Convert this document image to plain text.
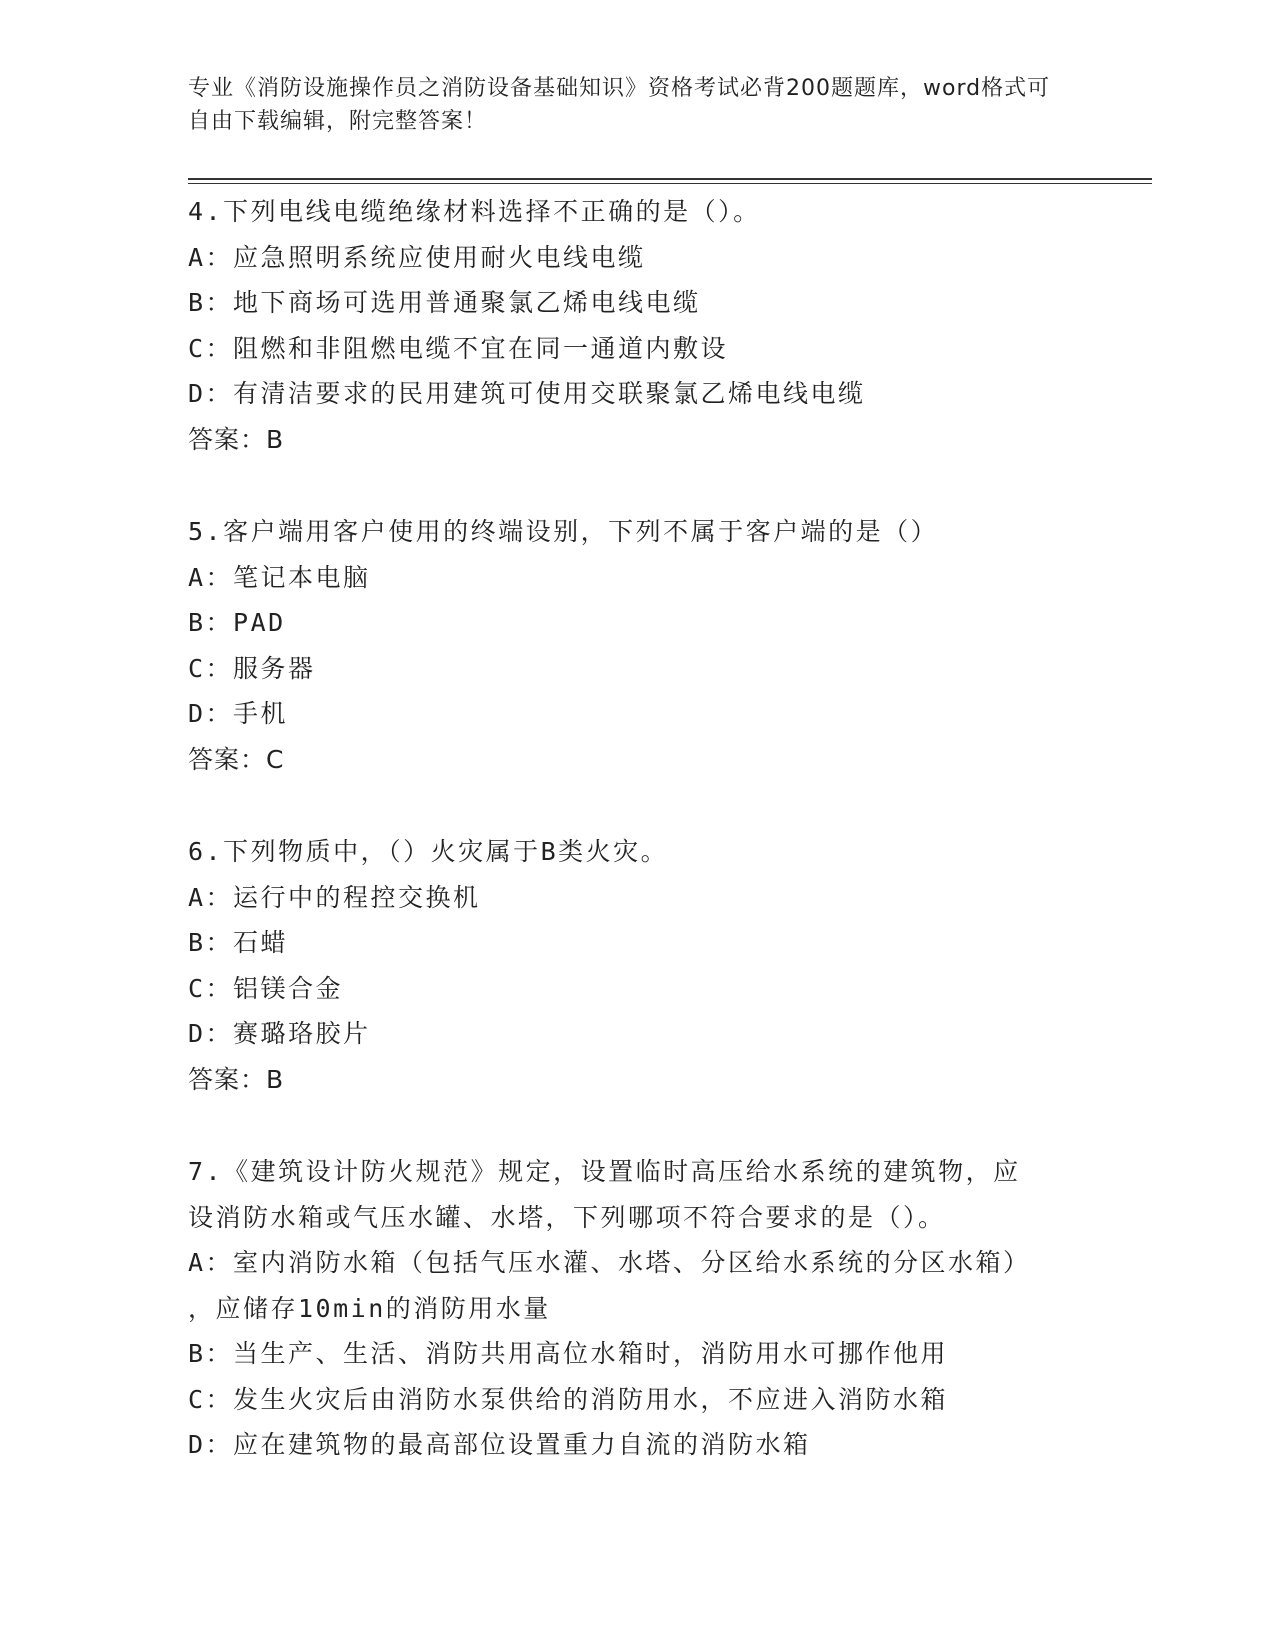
专业《消防设施操作员之消防设备基础知识》资格考试必背200题题库，word格式可自由下载编辑，附完整答案！
4.下列电线电缆绝缘材料选择不正确的是（）。
A：应急照明系统应使用耐火电线电缆
B：地下商场可选用普通聚氯乙烯电线电缆
C：阻燃和非阻燃电缆不宜在同一通道内敷设
D：有清洁要求的民用建筑可使用交联聚氯乙烯电线电缆
答案：B
5.客户端用客户使用的终端设别，下列不属于客户端的是（）
A：笔记本电脑
B：PAD
C：服务器
D：手机
答案：C
6.下列物质中，（）火灾属于B类火灾。
A：运行中的程控交换机
B：石蜡
C：铝镁合金
D：赛璐珞胶片
答案：B
7.《建筑设计防火规范》规定，设置临时高压给水系统的建筑物，应
设消防水箱或气压水罐、水塔，下列哪项不符合要求的是（）。
A：室内消防水箱（包括气压水灌、水塔、分区给水系统的分区水箱）
，应储存10min的消防用水量
B：当生产、生活、消防共用高位水箱时，消防用水可挪作他用
C：发生火灾后由消防水泵供给的消防用水，不应进入消防水箱
D：应在建筑物的最高部位设置重力自流的消防水箱
